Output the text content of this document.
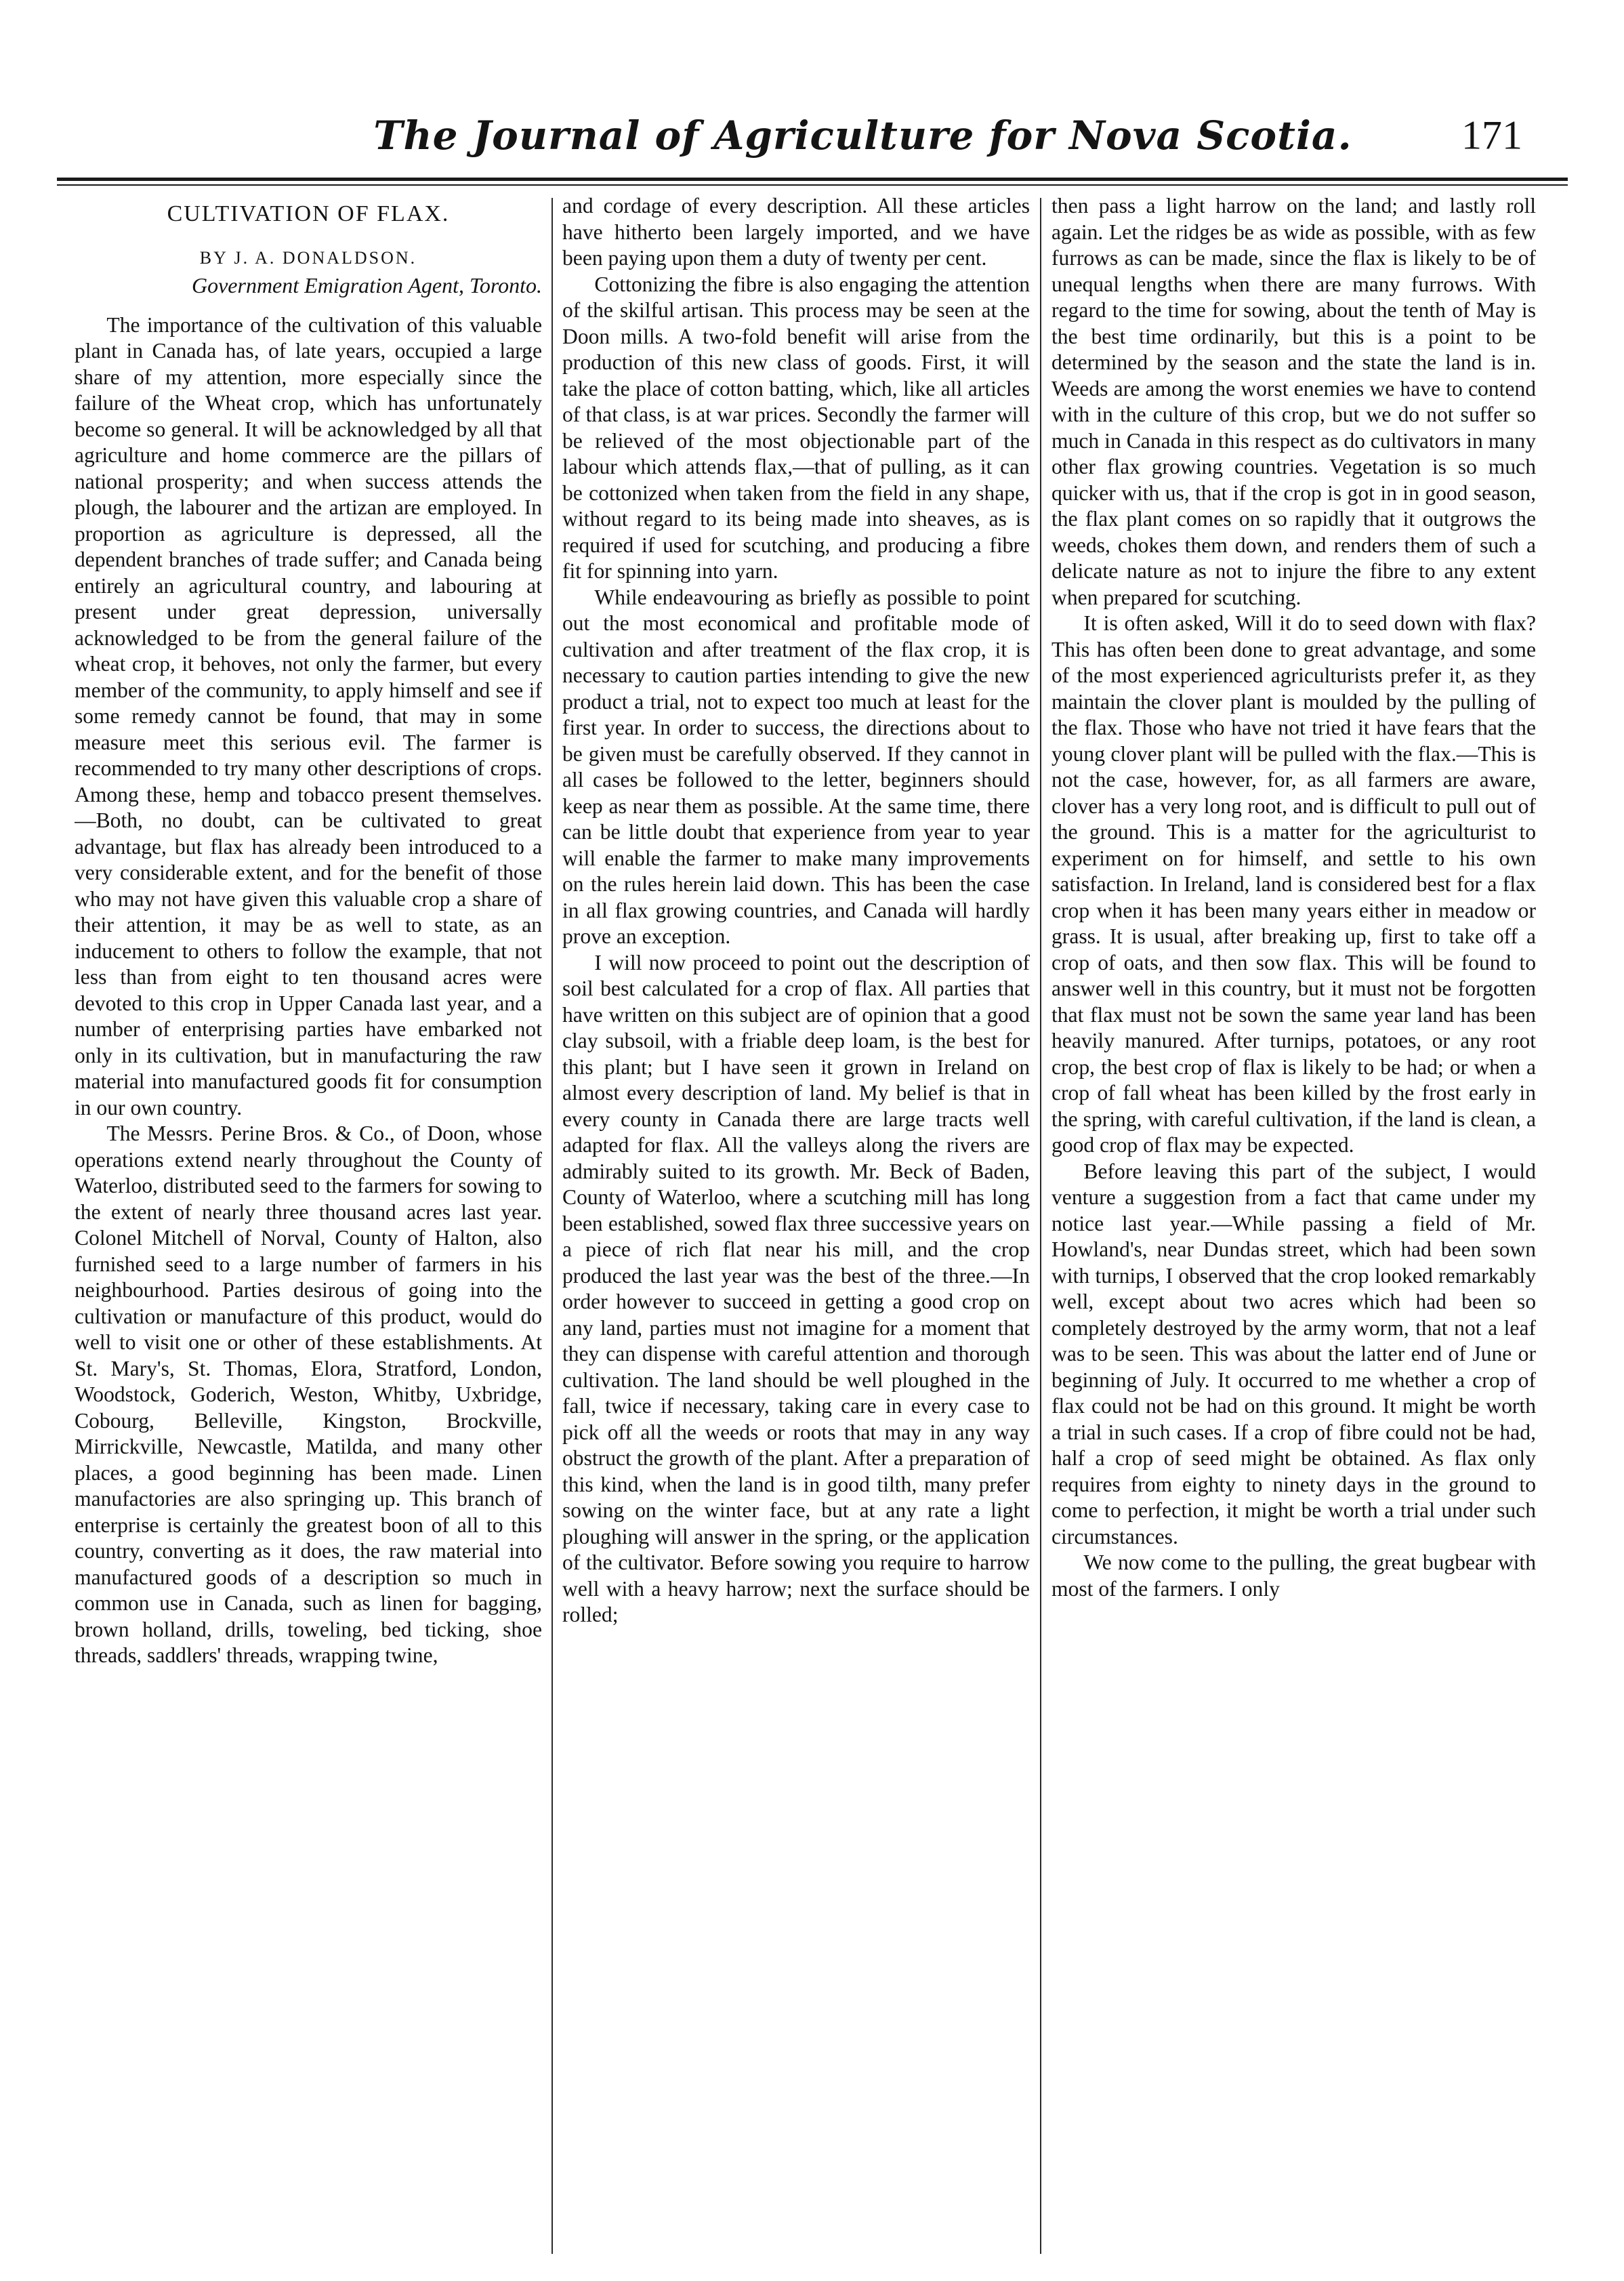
The Journal of Agriculture for Nova Scotia.	171
CULTIVATION OF FLAX.
BY J. A. DONALDSON.
Government Emigration Agent, Toronto.

The importance of the cultivation of this valuable plant in Canada has, of late years, occupied a large share of my attention, more especially since the failure of the Wheat crop, which has unfortunately become so general. It will be acknowledged by all that agriculture and home commerce are the pillars of national prosperity; and when success attends the plough, the labourer and the artizan are employed. In proportion as agriculture is depressed, all the dependent branches of trade suffer; and Canada being entirely an agricultural country, and labouring at present under great depression, universally acknowledged to be from the general failure of the wheat crop, it behoves, not only the farmer, but every member of the community, to apply himself and see if some remedy cannot be found, that may in some measure meet this serious evil. The farmer is recommended to try many other descriptions of crops. Among these, hemp and tobacco present themselves.—Both, no doubt, can be cultivated to great advantage, but flax has already been introduced to a very considerable extent, and for the benefit of those who may not have given this valuable crop a share of their attention, it may be as well to state, as an inducement to others to follow the example, that not less than from eight to ten thousand acres were devoted to this crop in Upper Canada last year, and a number of enterprising parties have embarked not only in its cultivation, but in manufacturing the raw material into manufactured goods fit for consumption in our own country.

The Messrs. Perine Bros. & Co., of Doon, whose operations extend nearly throughout the County of Waterloo, distributed seed to the farmers for sowing to the extent of nearly three thousand acres last year. Colonel Mitchell of Norval, County of Halton, also furnished seed to a large number of farmers in his neighbourhood. Parties desirous of going into the cultivation or manufacture of this product, would do well to visit one or other of these establishments. At St. Mary's, St. Thomas, Elora, Stratford, London, Woodstock, Goderich, Weston, Whitby, Uxbridge, Cobourg, Belleville, Kingston, Brockville, Mirrickville, Newcastle, Matilda, and many other places, a good beginning has been made. Linen manufactories are also springing up. This branch of enterprise is certainly the greatest boon of all to this country, converting as it does, the raw material into manufactured goods of a description so much in common use in Canada, such as linen for bagging, brown holland, drills, toweling, bed ticking, shoe threads, saddlers' threads, wrapping twine,

and cordage of every description. All these articles have hitherto been largely imported, and we have been paying upon them a duty of twenty per cent.

Cottonizing the fibre is also engaging the attention of the skilful artisan. This process may be seen at the Doon mills. A two-fold benefit will arise from the production of this new class of goods. First, it will take the place of cotton batting, which, like all articles of that class, is at war prices. Secondly the farmer will be relieved of the most objectionable part of the labour which attends flax,—that of pulling, as it can be cottonized when taken from the field in any shape, without regard to its being made into sheaves, as is required if used for scutching, and producing a fibre fit for spinning into yarn.

While endeavouring as briefly as possible to point out the most economical and profitable mode of cultivation and after treatment of the flax crop, it is necessary to caution parties intending to give the new product a trial, not to expect too much at least for the first year. In order to success, the directions about to be given must be carefully observed. If they cannot in all cases be followed to the letter, beginners should keep as near them as possible. At the same time, there can be little doubt that experience from year to year will enable the farmer to make many improvements on the rules herein laid down. This has been the case in all flax growing countries, and Canada will hardly prove an exception.

I will now proceed to point out the description of soil best calculated for a crop of flax. All parties that have written on this subject are of opinion that a good clay subsoil, with a friable deep loam, is the best for this plant; but I have seen it grown in Ireland on almost every description of land. My belief is that in every county in Canada there are large tracts well adapted for flax. All the valleys along the rivers are admirably suited to its growth. Mr. Beck of Baden, County of Waterloo, where a scutching mill has long been established, sowed flax three successive years on a piece of rich flat near his mill, and the crop produced the last year was the best of the three.—In order however to succeed in getting a good crop on any land, parties must not imagine for a moment that they can dispense with careful attention and thorough cultivation. The land should be well ploughed in the fall, twice if necessary, taking care in every case to pick off all the weeds or roots that may in any way obstruct the growth of the plant. After a preparation of this kind, when the land is in good tilth, many prefer sowing on the winter face, but at any rate a light ploughing will answer in the spring, or the application of the cultivator. Before sowing you require to harrow well with a heavy harrow; next the surface should be rolled;

then pass a light harrow on the land; and lastly roll again. Let the ridges be as wide as possible, with as few furrows as can be made, since the flax is likely to be of unequal lengths when there are many furrows. With regard to the time for sowing, about the tenth of May is the best time ordinarily, but this is a point to be determined by the season and the state the land is in. Weeds are among the worst enemies we have to contend with in the culture of this crop, but we do not suffer so much in Canada in this respect as do cultivators in many other flax growing countries. Vegetation is so much quicker with us, that if the crop is got in in good season, the flax plant comes on so rapidly that it outgrows the weeds, chokes them down, and renders them of such a delicate nature as not to injure the fibre to any extent when prepared for scutching.

It is often asked, Will it do to seed down with flax? This has often been done to great advantage, and some of the most experienced agriculturists prefer it, as they maintain the clover plant is moulded by the pulling of the flax. Those who have not tried it have fears that the young clover plant will be pulled with the flax.—This is not the case, however, for, as all farmers are aware, clover has a very long root, and is difficult to pull out of the ground. This is a matter for the agriculturist to experiment on for himself, and settle to his own satisfaction. In Ireland, land is considered best for a flax crop when it has been many years either in meadow or grass. It is usual, after breaking up, first to take off a crop of oats, and then sow flax. This will be found to answer well in this country, but it must not be forgotten that flax must not be sown the same year land has been heavily manured. After turnips, potatoes, or any root crop, the best crop of flax is likely to be had; or when a crop of fall wheat has been killed by the frost early in the spring, with careful cultivation, if the land is clean, a good crop of flax may be expected.

Before leaving this part of the subject, I would venture a suggestion from a fact that came under my notice last year.—While passing a field of Mr. Howland's, near Dundas street, which had been sown with turnips, I observed that the crop looked remarkably well, except about two acres which had been so completely destroyed by the army worm, that not a leaf was to be seen. This was about the latter end of June or beginning of July. It occurred to me whether a crop of flax could not be had on this ground. It might be worth a trial in such cases. If a crop of fibre could not be had, half a crop of seed might be obtained. As flax only requires from eighty to ninety days in the ground to come to perfection, it might be worth a trial under such circumstances.

We now come to the pulling, the great bugbear with most of the farmers. I only
